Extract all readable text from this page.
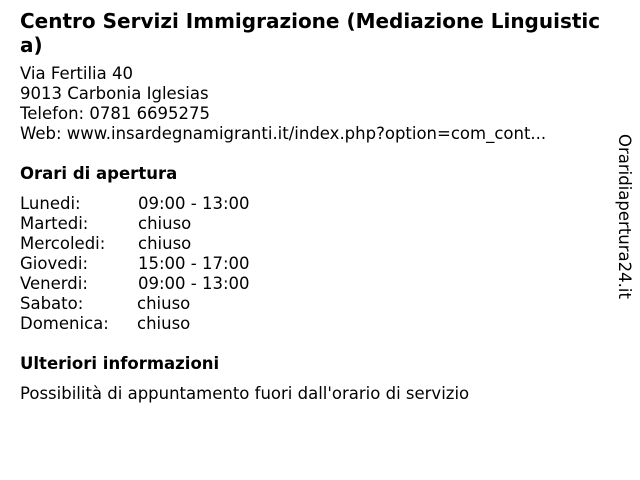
Centro Servizi Immigrazione (Mediazione Linguistica)
Via Fertilia 40
9013 Carbonia Iglesias
Telefon: 0781 6695275
Web: www.insardegnamigranti.it/index.php?option=com_cont...
Orari di apertura
Lunedi:	09:00 - 13:00
Martedi:	chiuso
Mercoledi:	chiuso
Giovedi:	15:00 - 17:00
Venerdi:	09:00 - 13:00
Sabato:	chiuso
Domenica:	chiuso
Ulteriori informazioni
Possibilità di appuntamento fuori dall'orario di servizio
Oraridiapertura24.it
